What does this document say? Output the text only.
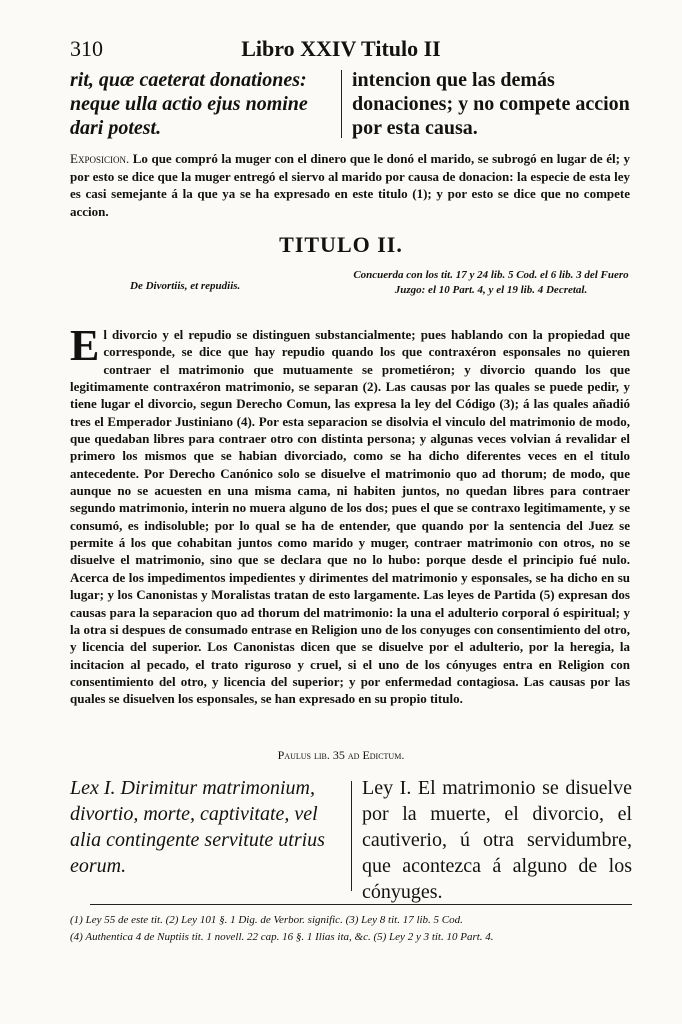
310	Libro XXIV Titulo II
rit, quæ caeterat donationes: neque ulla actio ejus nomine dari potest.
intencion que las demás donaciones; y no compete accion por esta causa.
Exposicion. Lo que compró la muger con el dinero que le donó el marido, se subrogó en lugar de él; y por esto se dice que la muger entregó el siervo al marido por causa de donacion: la especie de esta ley es casi semejante á la que ya se ha expresado en este titulo (1); y por esto se dice que no compete accion.
TITULO II.
De Divortiis, et repudiis.
Concuerda con los tit. 17 y 24 lib. 5 Cod. el 6 lib. 3 del Fuero Juzgo: el 10 Part. 4, y el 19 lib. 4 Decretal.
E l divorcio y el repudio se distinguen substancialmente; pues hablando con la propiedad que corresponde, se dice que hay repudio quando los que contraxéron esponsales no quieren contraer el matrimonio que mutuamente se prometiéron; y divorcio quando los que legitimamente contraxéron matrimonio, se separan (2). Las causas por las quales se puede pedir, y tiene lugar el divorcio, segun Derecho Comun, las expresa la ley del Código (3); á las quales añadió tres el Emperador Justiniano (4). Por esta separacion se disolvia el vinculo del matrimonio de modo, que quedaban libres para contraer otro con distinta persona; y algunas veces volvian á revalidar el primero los mismos que se habian divorciado, como se ha dicho diferentes veces en el titulo antecedente. Por Derecho Canónico solo se disuelve el matrimonio quo ad thorum; de modo, que aunque no se acuesten en una misma cama, ni habiten juntos, no quedan libres para contraer segundo matrimonio, interin no muera alguno de los dos; pues el que se contraxo legitimamente, y se consumó, es indisoluble; por lo qual se ha de entender, que quando por la sentencia del Juez se permite á los que cohabitan juntos como marido y muger, contraer matrimonio con otros, no se disuelve el matrimonio, sino que se declara que no lo hubo: porque desde el principio fué nulo. Acerca de los impedimentos impedientes y dirimentes del matrimonio y esponsales, se ha dicho en su lugar; y los Canonistas y Moralistas tratan de esto largamente. Las leyes de Partida (5) expresan dos causas para la separacion quo ad thorum del matrimonio: la una el adulterio corporal ó espiritual; y la otra si despues de consumado entrase en Religion uno de los conyuges con consentimiento del otro, y licencia del superior. Los Canonistas dicen que se disuelve por el adulterio, por la heregia, la incitacion al pecado, el trato riguroso y cruel, si el uno de los cónyuges entra en Religion con consentimiento del otro, y licencia del superior; y por enfermedad contagiosa. Las causas por las quales se disuelven los esponsales, se han expresado en su propio titulo.
Paulus lib. 35 ad Edictum.
Lex I. Dirimitur matrimonium, divortio, morte, captivitate, vel alia contingente servitute utrius eorum.
Ley I. El matrimonio se disuelve por la muerte, el divorcio, el cautiverio, ú otra servidumbre, que acontezca á alguno de los cónyuges.
(1) Ley 55 de este tit. (2) Ley 101 §. 1 Dig. de Verbor. signific. (3) Ley 8 tit. 17 lib. 5 Cod.
(4) Authentica 4 de Nuptiis tit. 1 novell. 22 cap. 16 §. 1 Ilias ita, &c. (5) Ley 2 y 3 tit. 10 Part. 4.
